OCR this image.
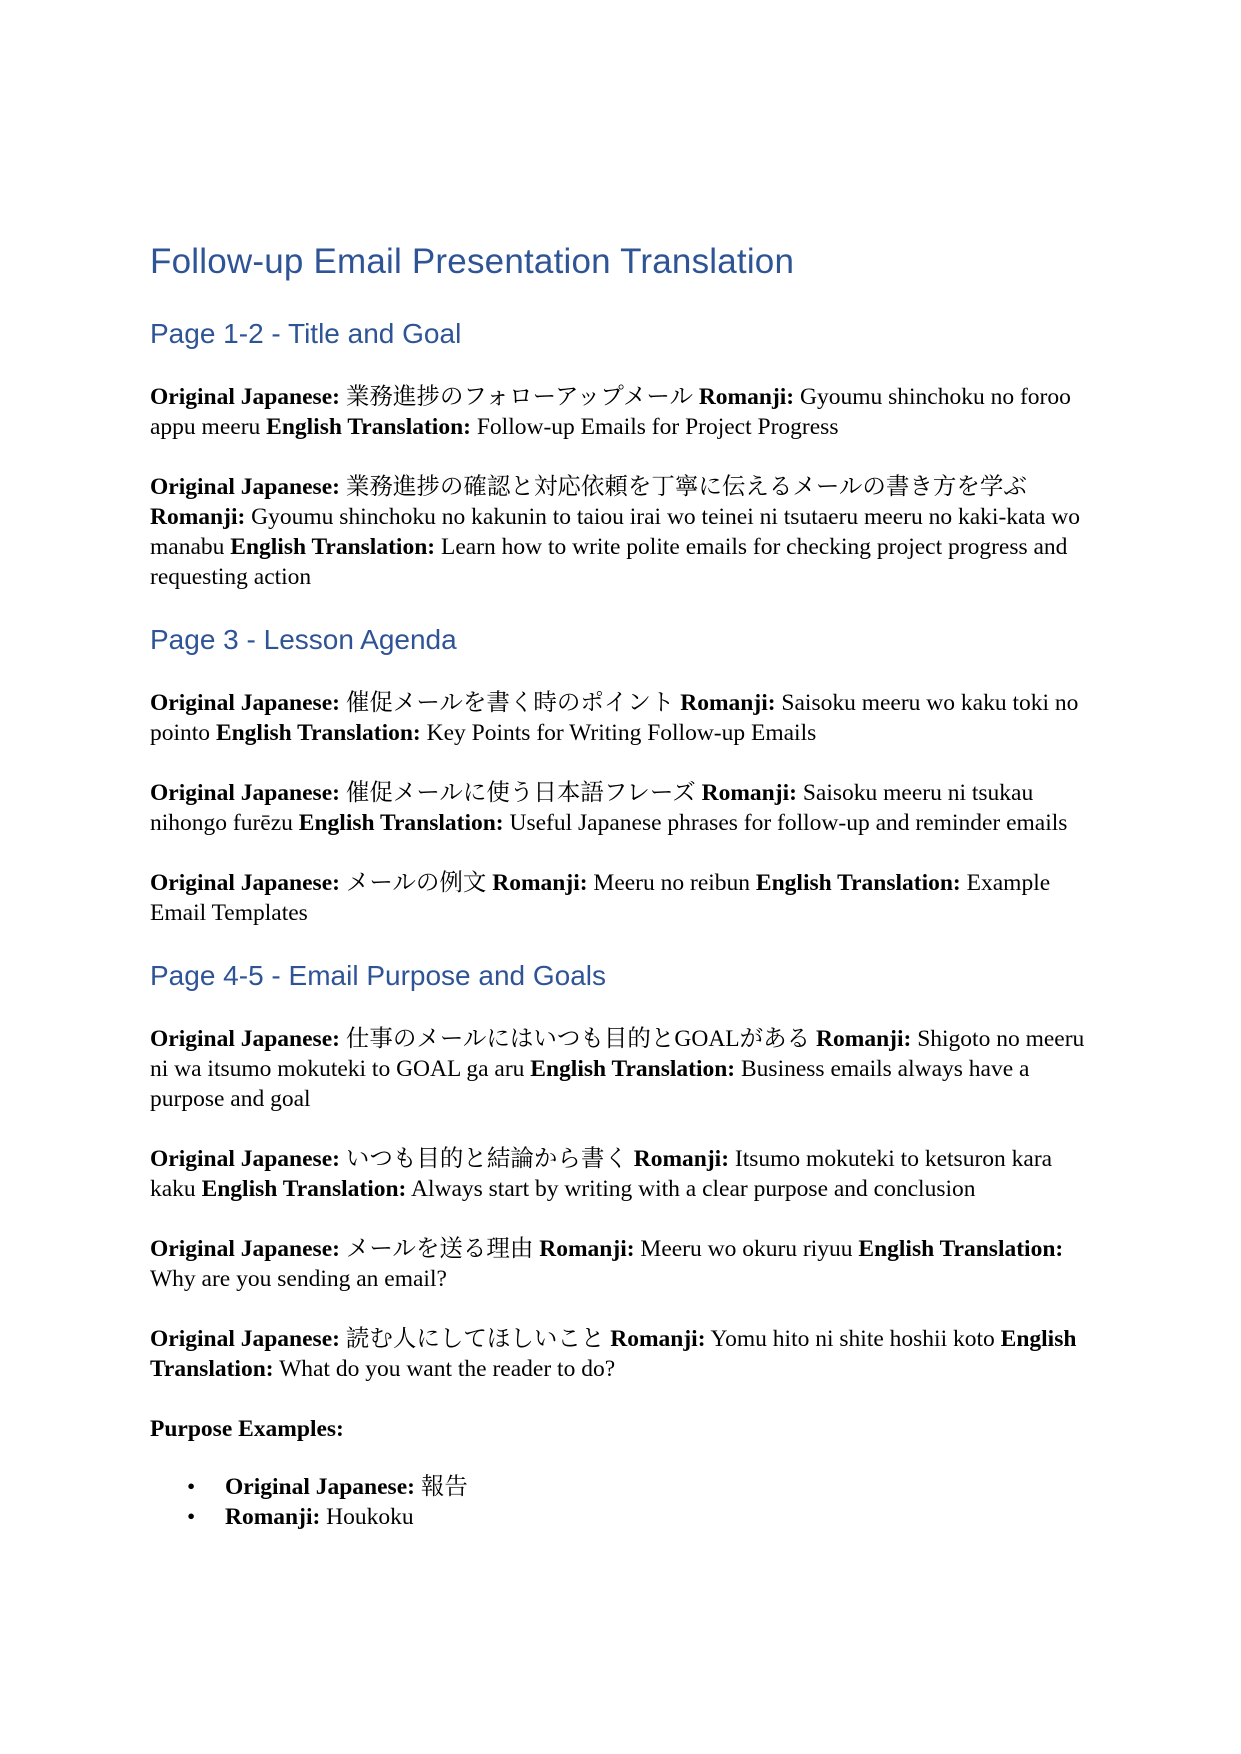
Follow-up Email Presentation Translation
Page 1-2 - Title and Goal

Original Japanese: 業務進捗のフォローアップメール Romanji: Gyoumu shinchoku no foroo appu meeru English Translation: Follow-up Emails for Project Progress

Original Japanese: 業務進捗の確認と対応依頼を丁寧に伝えるメールの書き方を学ぶ Romanji: Gyoumu shinchoku no kakunin to taiou irai wo teinei ni tsutaeru meeru no kaki-kata wo manabu English Translation: Learn how to write polite emails for checking project progress and requesting action

Page 3 - Lesson Agenda

Original Japanese: 催促メールを書く時のポイント Romanji: Saisoku meeru wo kaku toki no pointo English Translation: Key Points for Writing Follow-up Emails

Original Japanese: 催促メールに使う日本語フレーズ Romanji: Saisoku meeru ni tsukau nihongo furēzu English Translation: Useful Japanese phrases for follow-up and reminder emails

Original Japanese: メールの例文 Romanji: Meeru no reibun English Translation: Example Email Templates

Page 4-5 - Email Purpose and Goals

Original Japanese: 仕事のメールにはいつも目的とGOALがある Romanji: Shigoto no meeru ni wa itsumo mokuteki to GOAL ga aru English Translation: Business emails always have a purpose and goal

Original Japanese: いつも目的と結論から書く Romanji: Itsumo mokuteki to ketsuron kara kaku English Translation: Always start by writing with a clear purpose and conclusion

Original Japanese: メールを送る理由 Romanji: Meeru wo okuru riyuu English Translation: Why are you sending an email?

Original Japanese: 読む人にしてほしいこと Romanji: Yomu hito ni shite hoshii koto English Translation: What do you want the reader to do?

Purpose Examples:

• Original Japanese: 報告
• Romanji: Houkoku
